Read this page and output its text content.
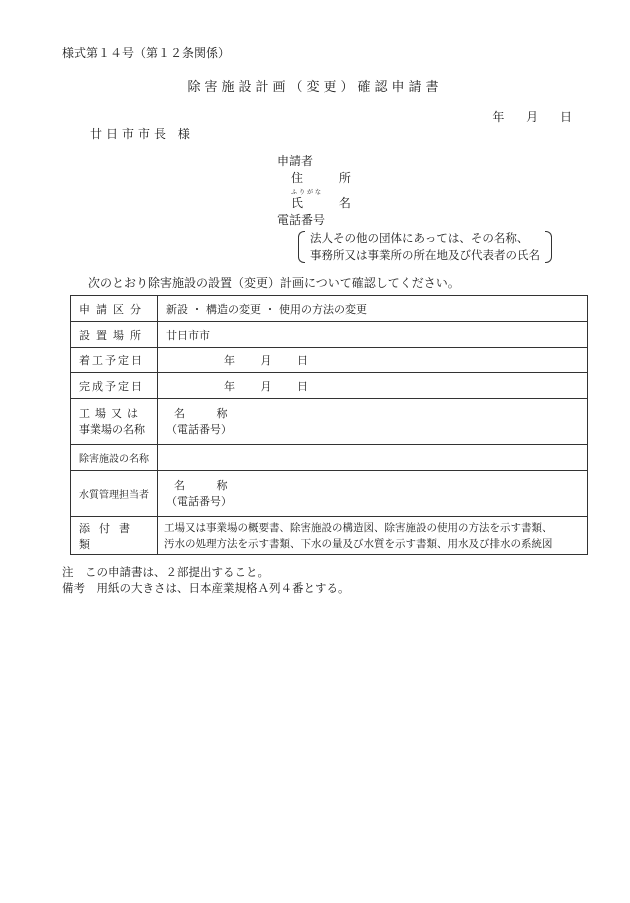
様式第１４号（第１２条関係）
除害施設計画（変更）確認申請書
年 月 日
廿日市市長 様
申請者
住 所
ふりがな
氏 名
電話番号
法人その他の団体にあっては、その名称、
事務所又は事業所の所在地及び代表者の氏名
次のとおり除害施設の設置（変更）計画について確認してください。
申請区分	新設 ・ 構造の変更 ・ 使用の方法の変更
設置場所	廿日市市
着工予定日	年 月 日
完成予定日	年 月 日

工場又は
事業場の名称	名 称
（電話番号）

除害施設の名称	
水質管理担当者	名 称
（電話番号）

添付書類	工場又は事業場の概要書、除害施設の構造図、除害施設の使用の方法を示す書類、
汚水の処理方法を示す書類、下水の量及び水質を示す書類、用水及び排水の系統図
注　この申請書は、２部提出すること。
備考　用紙の大きさは、日本産業規格Ａ列４番とする。
